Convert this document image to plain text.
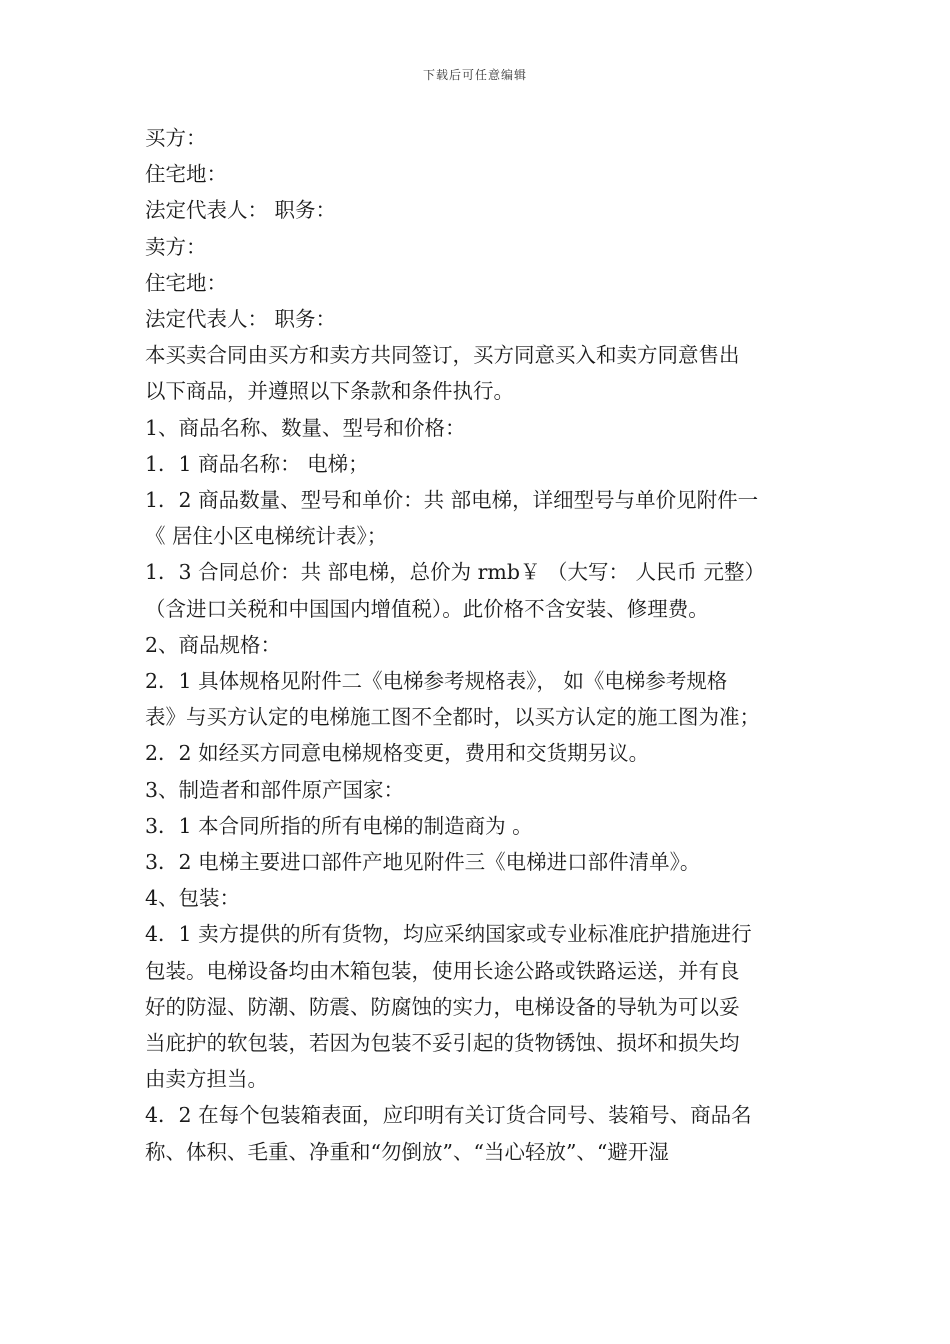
下载后可任意编辑

买方：

住宅地：

法定代表人： 职务：

卖方：

住宅地：

法定代表人： 职务：

本买卖合同由买方和卖方共同签订，买方同意买入和卖方同意售出

以下商品，并遵照以下条款和条件执行。

1、商品名称、数量、型号和价格：

1．1 商品名称： 电梯；

1．2 商品数量、型号和单价：共 部电梯，详细型号与单价见附件一

《 居住小区电梯统计表》；

1．3 合同总价：共 部电梯，总价为 rmb￥ （大写： 人民币 元整）

（含进口关税和中国国内增值税）。此价格不含安装、修理费。

2、商品规格：

2．1 具体规格见附件二《电梯参考规格表》， 如《电梯参考规格

表》与买方认定的电梯施工图不全都时，以买方认定的施工图为准；

2．2 如经买方同意电梯规格变更，费用和交货期另议。

3、制造者和部件原产国家：

3．1 本合同所指的所有电梯的制造商为 。

3．2 电梯主要进口部件产地见附件三《电梯进口部件清单》。

4、包装：

4．1 卖方提供的所有货物，均应采纳国家或专业标准庇护措施进行

包装。电梯设备均由木箱包装，使用长途公路或铁路运送，并有良

好的防湿、防潮、防震、防腐蚀的实力，电梯设备的导轨为可以妥

当庇护的软包装，若因为包装不妥引起的货物锈蚀、损坏和损失均

由卖方担当。

4．2 在每个包装箱表面，应印明有关订货合同号、装箱号、商品名

称、体积、毛重、净重和“勿倒放”、“当心轻放”、“避开湿
